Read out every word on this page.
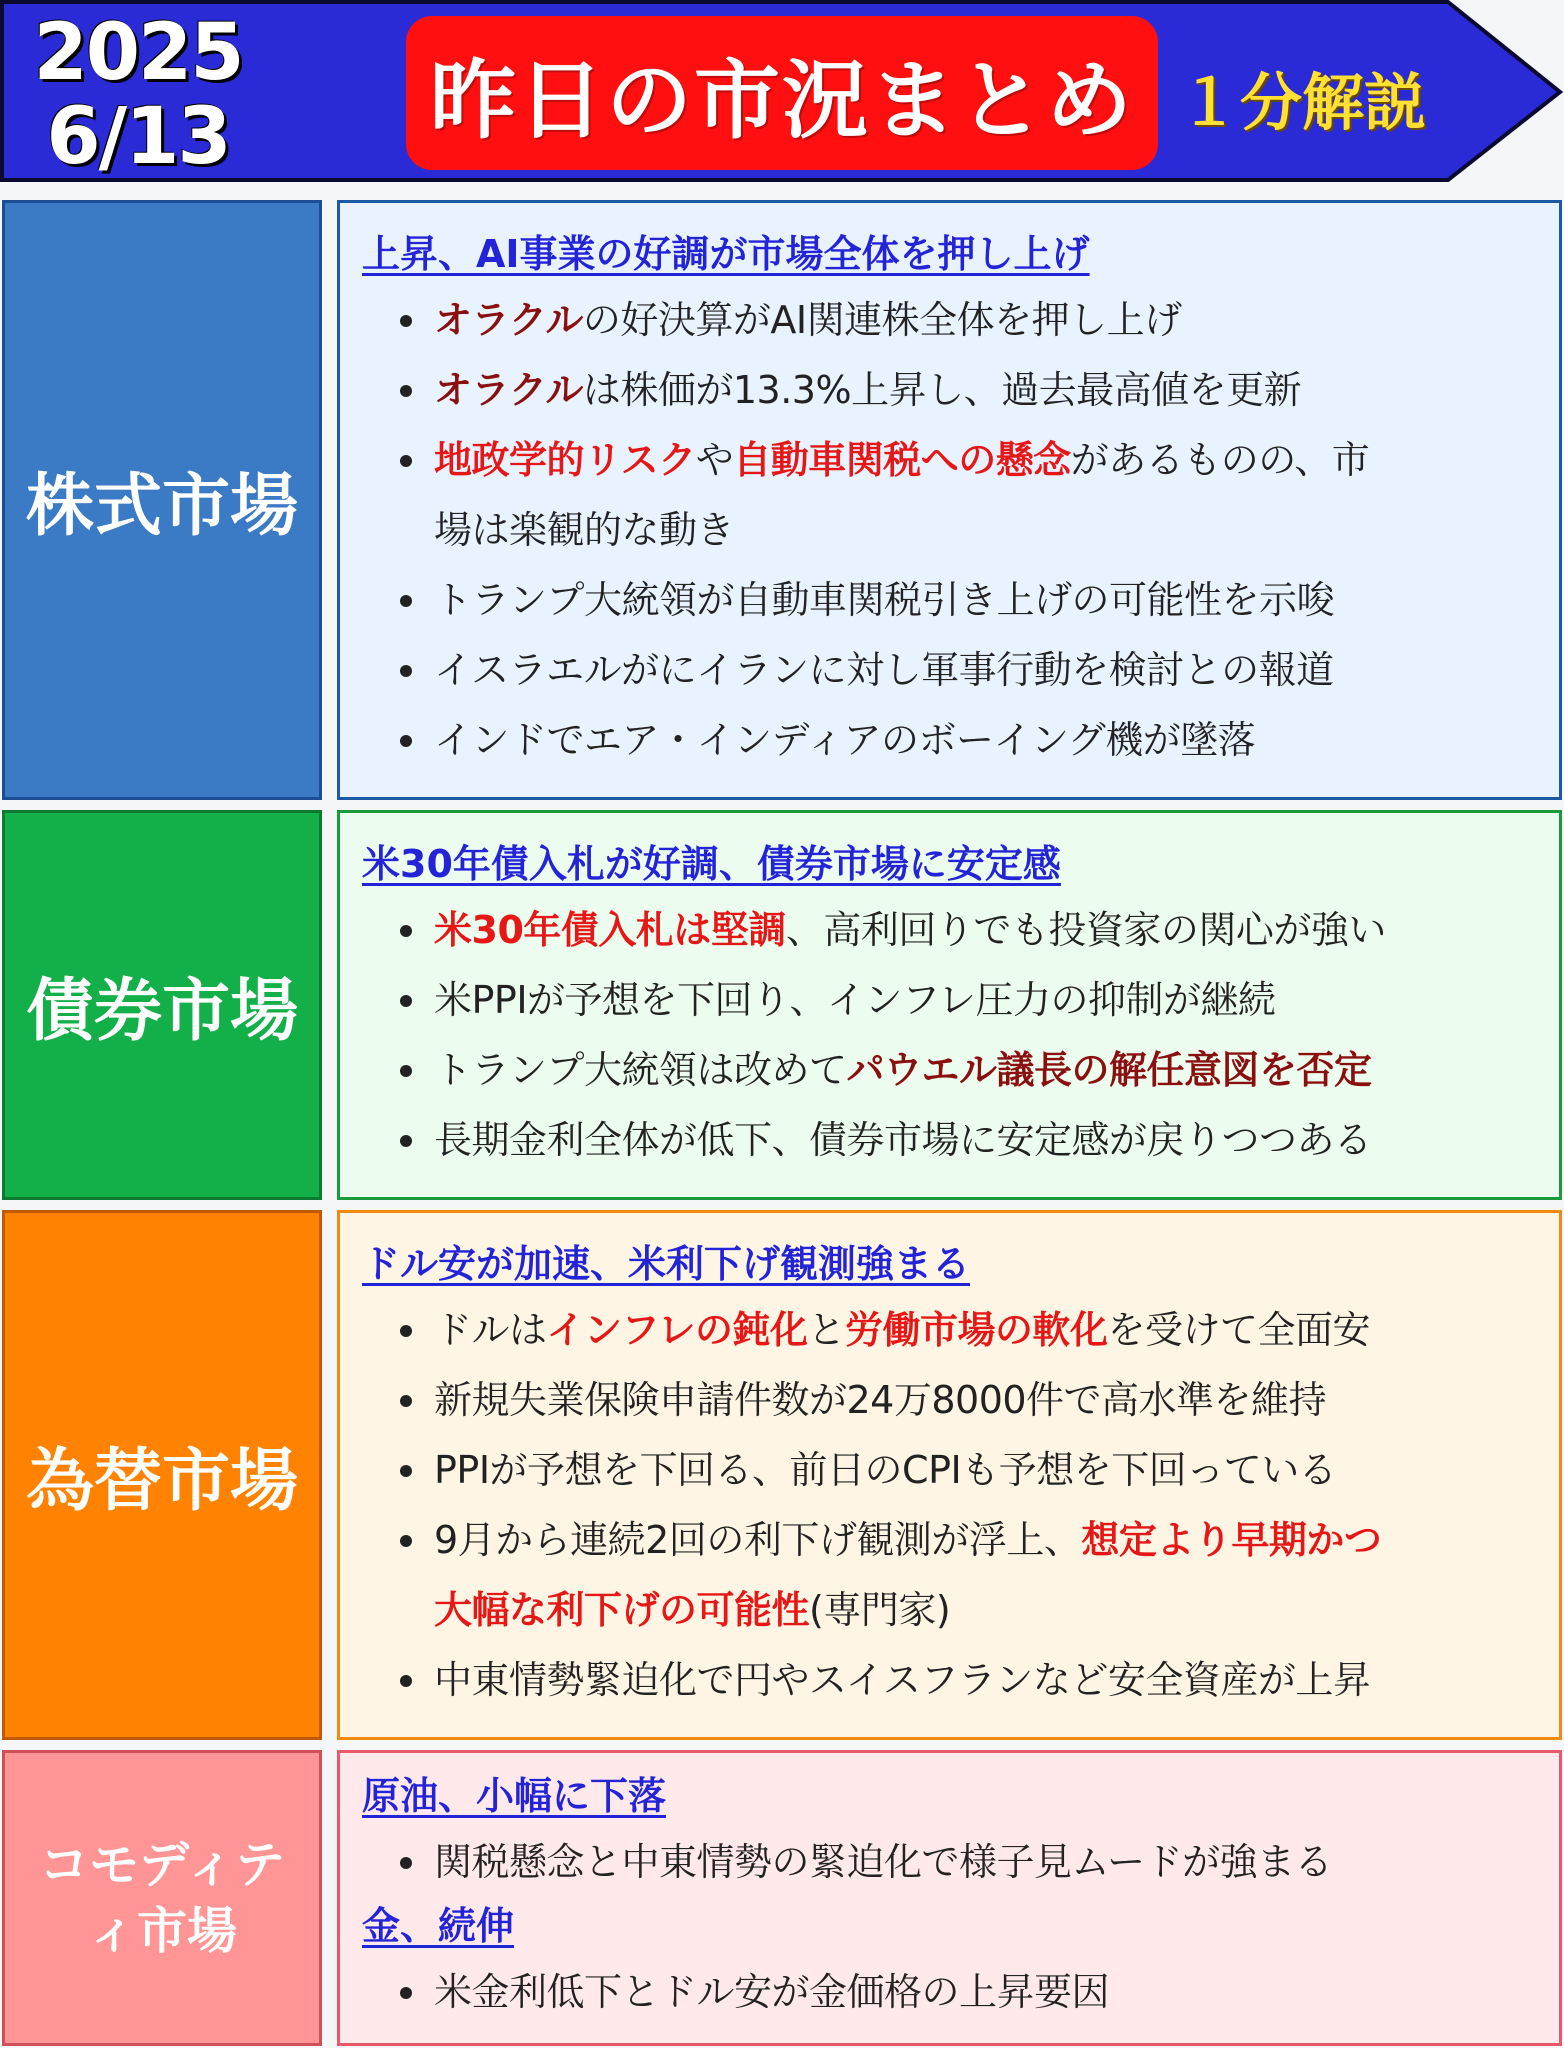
2025
6/13 昨日の市況まとめ １分解説
株式市場
上昇、AI事業の好調が市場全体を押し上げ
オラクルの好決算がAI関連株全体を押し上げ
オラクルは株価が13.3%上昇し、過去最高値を更新
地政学的リスクや自動車関税への懸念があるものの、市
場は楽観的な動き
トランプ大統領が自動車関税引き上げの可能性を示唆
イスラエルがにイランに対し軍事行動を検討との報道
インドでエア・インディアのボーイング機が墜落
債券市場
米30年債入札が好調、債券市場に安定感
米30年債入札は堅調、高利回りでも投資家の関心が強い
米PPIが予想を下回り、インフレ圧力の抑制が継続
トランプ大統領は改めてパウエル議長の解任意図を否定
長期金利全体が低下、債券市場に安定感が戻りつつある
為替市場
ドル安が加速、米利下げ観測強まる
ドルはインフレの鈍化と労働市場の軟化を受けて全面安
新規失業保険申請件数が24万8000件で高水準を維持
PPIが予想を下回る、前日のCPIも予想を下回っている
9月から連続2回の利下げ観測が浮上、想定より早期かつ
大幅な利下げの可能性(専門家)
中東情勢緊迫化で円やスイスフランなど安全資産が上昇
コモディティ市場
原油、小幅に下落
関税懸念と中東情勢の緊迫化で様子見ムードが強まる
金、続伸
米金利低下とドル安が金価格の上昇要因
